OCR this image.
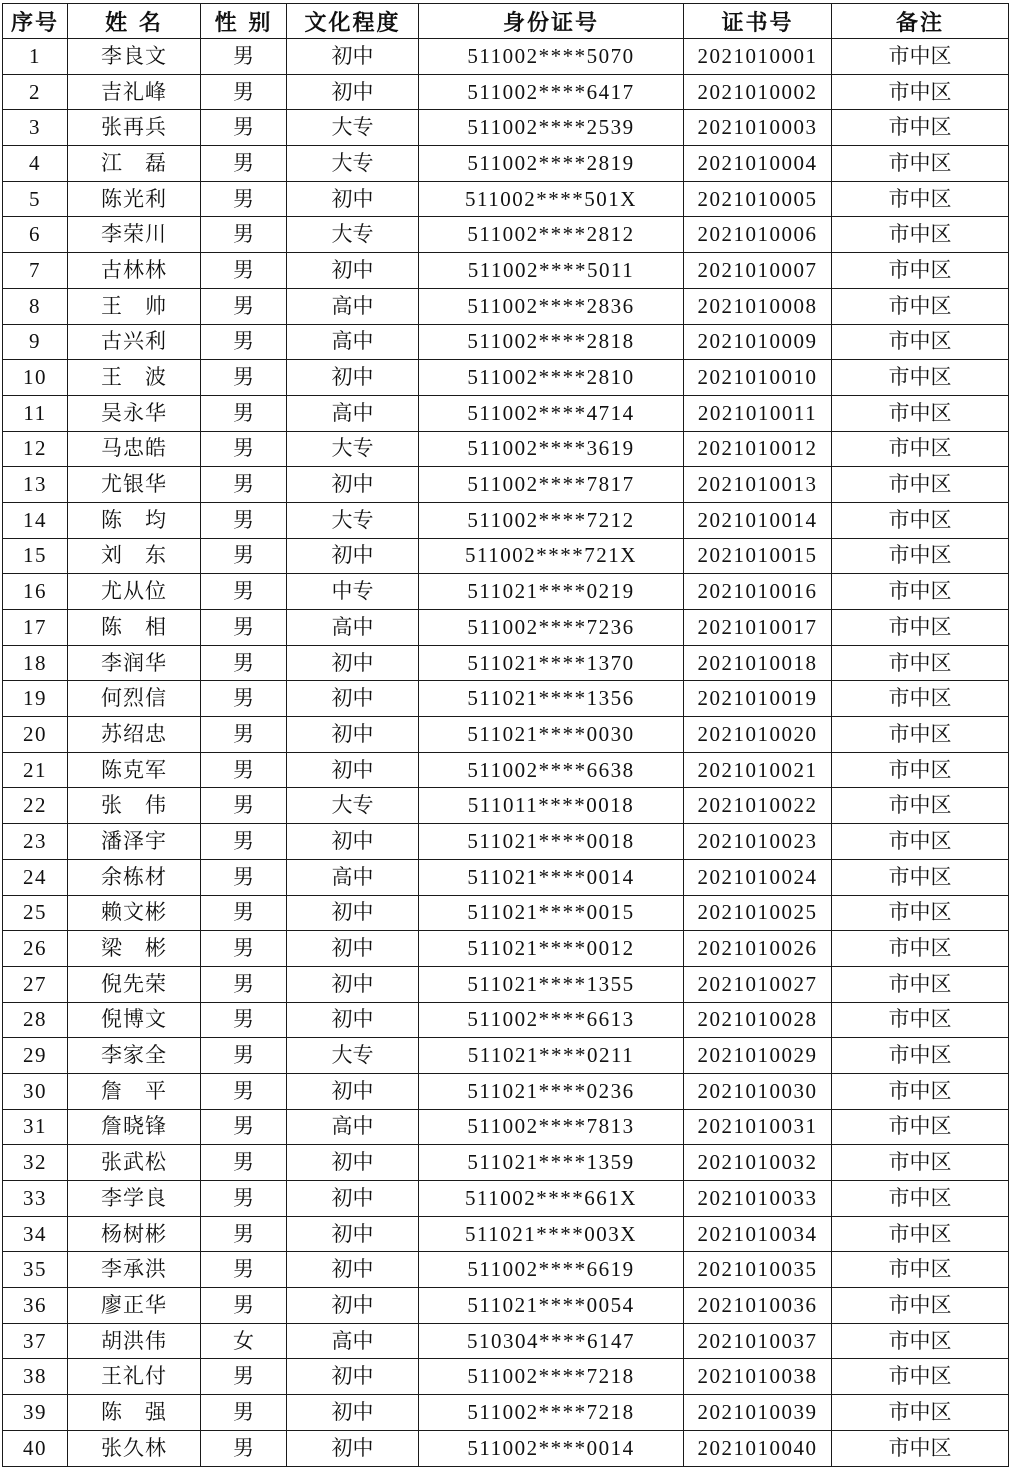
序号	姓 名	性 别	文化程度	身份证号	证书号	备注
1	李良文	男	初中	511002****5070	2021010001	市中区
2	吉礼峰	男	初中	511002****6417	2021010002	市中区
3	张再兵	男	大专	511002****2539	2021010003	市中区
4	江　磊	男	大专	511002****2819	2021010004	市中区
5	陈光利	男	初中	511002****501X	2021010005	市中区
6	李荣川	男	大专	511002****2812	2021010006	市中区
7	古林林	男	初中	511002****5011	2021010007	市中区
8	王　帅	男	高中	511002****2836	2021010008	市中区
9	古兴利	男	高中	511002****2818	2021010009	市中区
10	王　波	男	初中	511002****2810	2021010010	市中区
11	吴永华	男	高中	511002****4714	2021010011	市中区
12	马忠皓	男	大专	511002****3619	2021010012	市中区
13	尤银华	男	初中	511002****7817	2021010013	市中区
14	陈　均	男	大专	511002****7212	2021010014	市中区
15	刘　东	男	初中	511002****721X	2021010015	市中区
16	尤从位	男	中专	511021****0219	2021010016	市中区
17	陈　相	男	高中	511002****7236	2021010017	市中区
18	李润华	男	初中	511021****1370	2021010018	市中区
19	何烈信	男	初中	511021****1356	2021010019	市中区
20	苏绍忠	男	初中	511021****0030	2021010020	市中区
21	陈克军	男	初中	511002****6638	2021010021	市中区
22	张　伟	男	大专	511011****0018	2021010022	市中区
23	潘泽宇	男	初中	511021****0018	2021010023	市中区
24	余栋材	男	高中	511021****0014	2021010024	市中区
25	赖文彬	男	初中	511021****0015	2021010025	市中区
26	梁　彬	男	初中	511021****0012	2021010026	市中区
27	倪先荣	男	初中	511021****1355	2021010027	市中区
28	倪博文	男	初中	511002****6613	2021010028	市中区
29	李家全	男	大专	511021****0211	2021010029	市中区
30	詹　平	男	初中	511021****0236	2021010030	市中区
31	詹晓锋	男	高中	511002****7813	2021010031	市中区
32	张武松	男	初中	511021****1359	2021010032	市中区
33	李学良	男	初中	511002****661X	2021010033	市中区
34	杨树彬	男	初中	511021****003X	2021010034	市中区
35	李承洪	男	初中	511002****6619	2021010035	市中区
36	廖正华	男	初中	511021****0054	2021010036	市中区
37	胡洪伟	女	高中	510304****6147	2021010037	市中区
38	王礼付	男	初中	511002****7218	2021010038	市中区
39	陈　强	男	初中	511002****7218	2021010039	市中区
40	张久林	男	初中	511002****0014	2021010040	市中区
